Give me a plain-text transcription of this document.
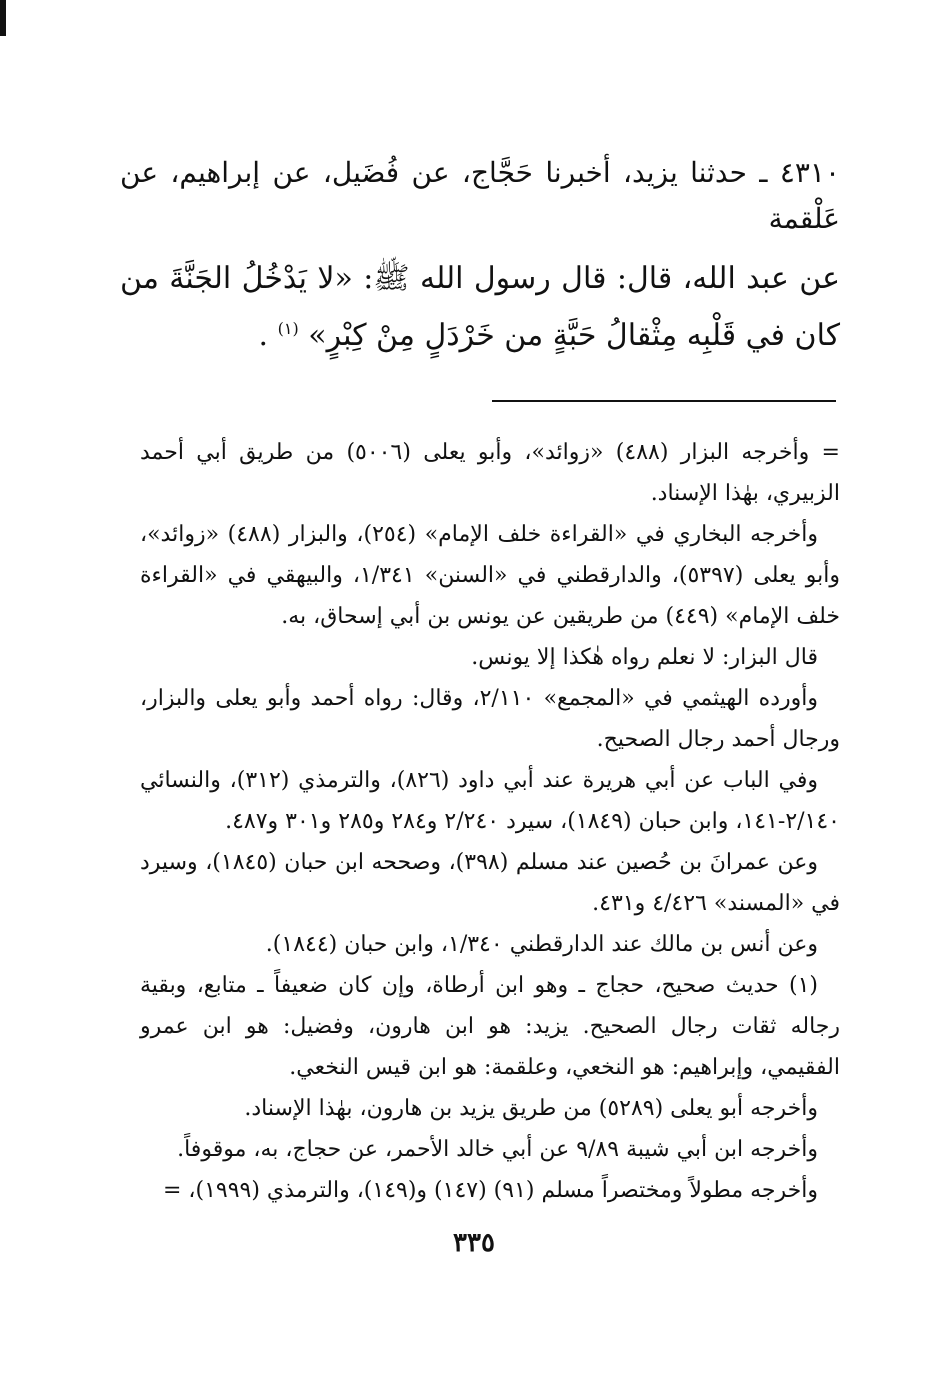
٤٣١٠ ـ حدثنا يزيد، أخبرنا حَجَّاج، عن فُضَيل، عن إبراهيم، عن عَلْقمة

عن عبد الله، قال: قال رسول الله ﷺ: «لا يَدْخُلُ الجَنَّةَ من كان في قَلْبِه مِثْقالُ حَبَّةٍ من خَرْدَلٍ مِنْ كِبْرٍ» $^{(١)}$ .

= وأخرجه البزار (٤٨٨) «زوائد»، وأبو يعلى (٥٠٠٦) من طريق أبي أحمد الزبيري، بهٰذا الإسناد.

وأخرجه البخاري في «القراءة خلف الإمام» (٢٥٤)، والبزار (٤٨٨) «زوائد»، وأبو يعلى (٥٣٩٧)، والدارقطني في «السنن» ١/٣٤١، والبيهقي في «القراءة خلف الإمام» (٤٤٩) من طريقين عن يونس بن أبي إسحاق، به.

قال البزار: لا نعلم رواه هٰكذا إلا يونس.

وأورده الهيثمي في «المجمع» ٢/١١٠، وقال: رواه أحمد وأبو يعلى والبزار، ورجال أحمد رجال الصحيح.

وفي الباب عن أبي هريرة عند أبي داود (٨٢٦)، والترمذي (٣١٢)، والنسائي ٢/١٤٠-١٤١، وابن حبان (١٨٤٩)، سيرد ٢/٢٤٠ و٢٨٤ و٢٨٥ و٣٠١ و٤٨٧.

وعن عمرانَ بن حُصين عند مسلم (٣٩٨)، وصححه ابن حبان (١٨٤٥)، وسيرد في «المسند» ٤/٤٢٦ و٤٣١.

وعن أنس بن مالك عند الدارقطني ١/٣٤٠، وابن حبان (١٨٤٤).

(١) حديث صحيح، حجاج ـ وهو ابن أرطاة، وإن كان ضعيفاً ـ متابع، وبقية رجاله ثقات رجال الصحيح. يزيد: هو ابن هارون، وفضيل: هو ابن عمرو الفقيمي، وإبراهيم: هو النخعي، وعلقمة: هو ابن قيس النخعي.

وأخرجه أبو يعلى (٥٢٨٩) من طريق يزيد بن هارون، بهٰذا الإسناد.

وأخرجه ابن أبي شيبة ٩/٨٩ عن أبي خالد الأحمر، عن حجاج، به، موقوفاً.

وأخرجه مطولاً ومختصراً مسلم (٩١) (١٤٧) و(١٤٩)، والترمذي (١٩٩٩)، =

٣٣٥
